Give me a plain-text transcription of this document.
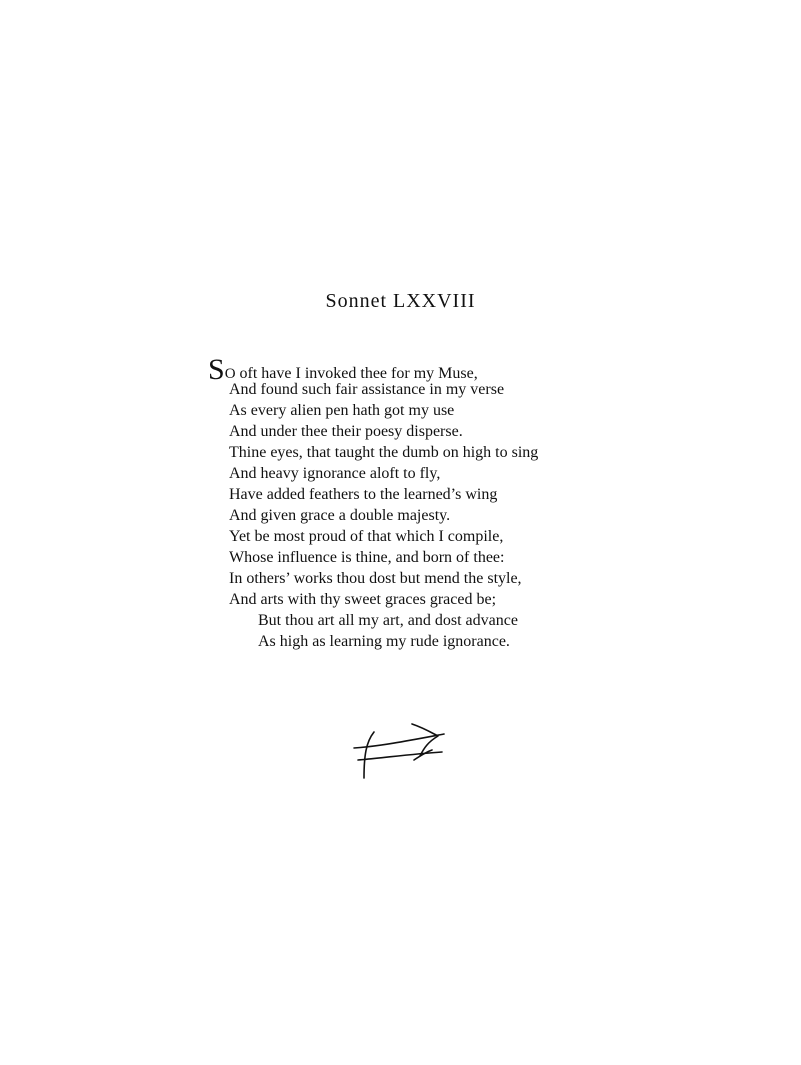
Sonnet LXXVIII
SO oft have I invoked thee for my Muse,
And found such fair assistance in my verse
As every alien pen hath got my use
And under thee their poesy disperse.
Thine eyes, that taught the dumb on high to sing
And heavy ignorance aloft to fly,
Have added feathers to the learned’s wing
And given grace a double majesty.
Yet be most proud of that which I compile,
Whose influence is thine, and born of thee:
In others’ works thou dost but mend the style,
And arts with thy sweet graces graced be;
But thou art all my art, and dost advance
As high as learning my rude ignorance.
